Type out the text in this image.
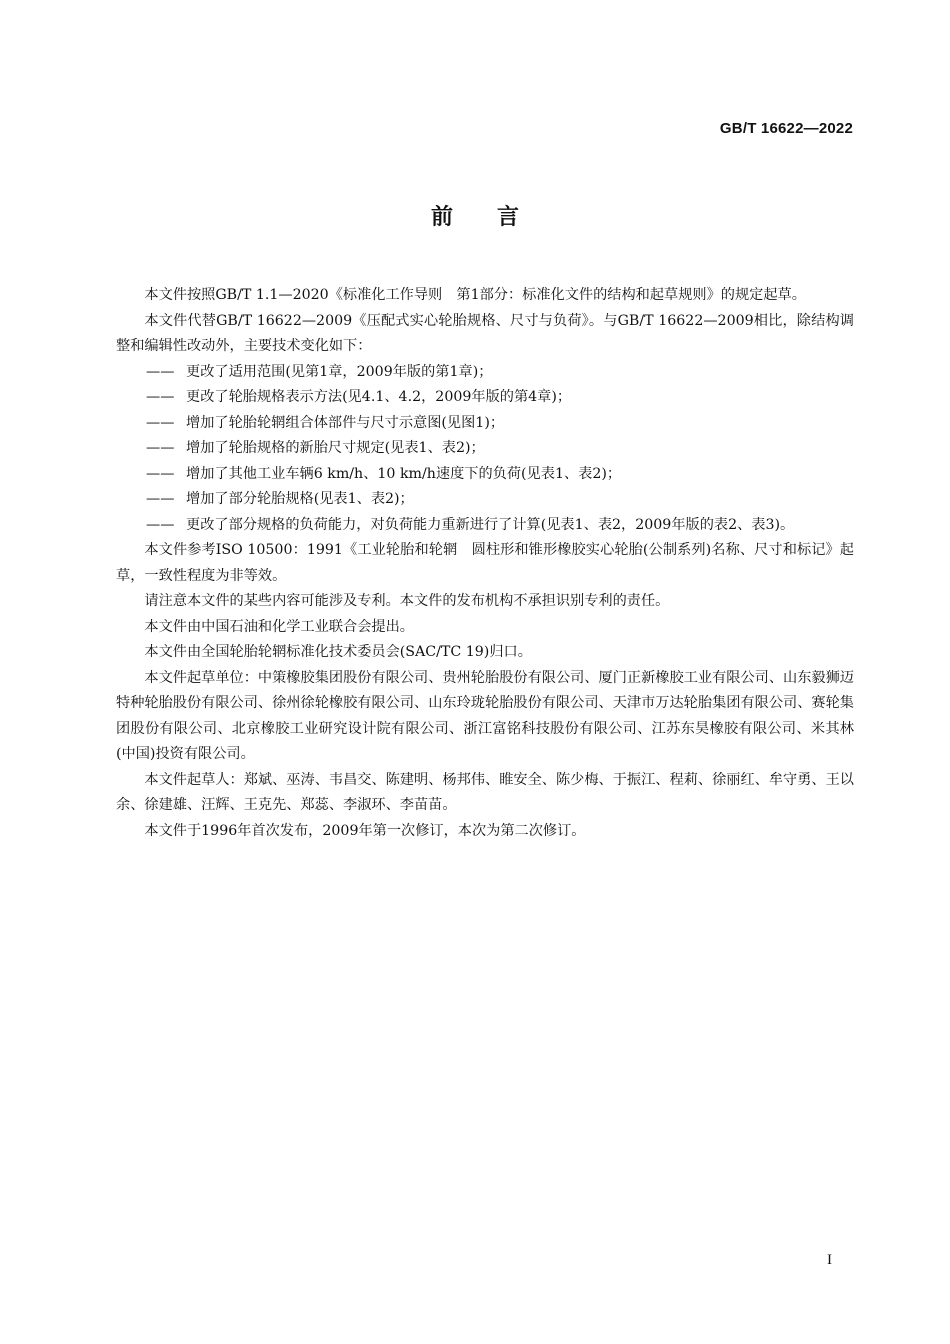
GB/T 16622—2022
前言

本文件按照GB/T 1.1—2020《标准化工作导则　第1部分：标准化文件的结构和起草规则》的规定起草。

本文件代替GB/T 16622—2009《压配式实心轮胎规格、尺寸与负荷》。与GB/T 16622—2009相比，除结构调整和编辑性改动外，主要技术变化如下：

—— 更改了适用范围(见第1章，2009年版的第1章)；
—— 更改了轮胎规格表示方法(见4.1、4.2，2009年版的第4章)；
—— 增加了轮胎轮辋组合体部件与尺寸示意图(见图1)；
—— 增加了轮胎规格的新胎尺寸规定(见表1、表2)；
—— 增加了其他工业车辆6 km/h、10 km/h速度下的负荷(见表1、表2)；
—— 增加了部分轮胎规格(见表1、表2)；
—— 更改了部分规格的负荷能力，对负荷能力重新进行了计算(见表1、表2，2009年版的表2、表3)。

本文件参考ISO 10500：1991《工业轮胎和轮辋　圆柱形和锥形橡胶实心轮胎(公制系列)名称、尺寸和标记》起草，一致性程度为非等效。

请注意本文件的某些内容可能涉及专利。本文件的发布机构不承担识别专利的责任。

本文件由中国石油和化学工业联合会提出。

本文件由全国轮胎轮辋标准化技术委员会(SAC/TC 19)归口。

本文件起草单位：中策橡胶集团股份有限公司、贵州轮胎股份有限公司、厦门正新橡胶工业有限公司、山东毅狮迈特种轮胎股份有限公司、徐州徐轮橡胶有限公司、山东玲珑轮胎股份有限公司、天津市万达轮胎集团有限公司、赛轮集团股份有限公司、北京橡胶工业研究设计院有限公司、浙江富铭科技股份有限公司、江苏东昊橡胶有限公司、米其林(中国)投资有限公司。

本文件起草人：郑斌、巫涛、韦昌交、陈建明、杨邦伟、睢安全、陈少梅、于振江、程莉、徐丽红、牟守勇、王以余、徐建雄、汪辉、王克先、郑蕊、李淑环、李苗苗。

本文件于1996年首次发布，2009年第一次修订，本次为第二次修订。

I
